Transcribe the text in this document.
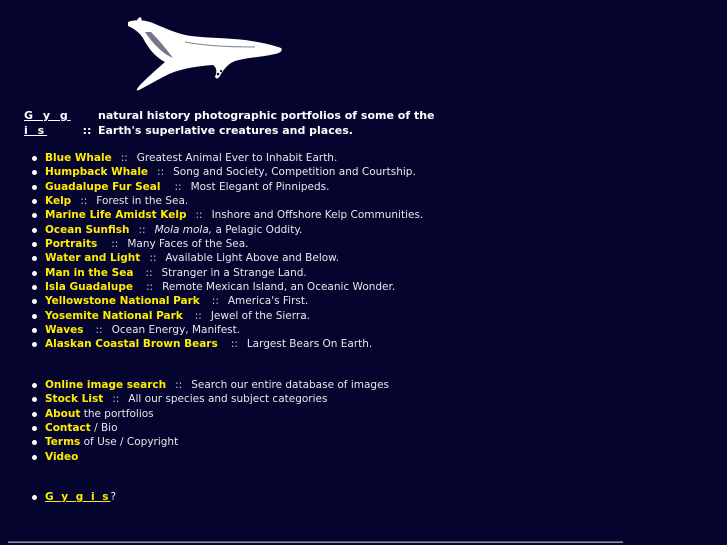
G y g i s	::natural history photographic portfolios of some of the Earth's superlative creatures and places.
Blue Whale :: Greatest Animal Ever to Inhabit Earth.
Humpback Whale :: Song and Society, Competition and Courtship.
Guadalupe Fur Seal :: Most Elegant of Pinnipeds.
Kelp :: Forest in the Sea.
Marine Life Amidst Kelp :: Inshore and Offshore Kelp Communities.
Ocean Sunfish :: Mola mola, a Pelagic Oddity.
Portraits :: Many Faces of the Sea.
Water and Light :: Available Light Above and Below.
Man in the Sea :: Stranger in a Strange Land.
Isla Guadalupe :: Remote Mexican Island, an Oceanic Wonder.
Yellowstone National Park :: America's First.
Yosemite National Park :: Jewel of the Sierra.
Waves :: Ocean Energy, Manifest.
Alaskan Coastal Brown Bears :: Largest Bears On Earth.
Online image search :: Search our entire database of images
Stock List :: All our species and subject categories
About the portfolios
Contact / Bio
Terms of Use / Copyright
Video
G y g i s?
